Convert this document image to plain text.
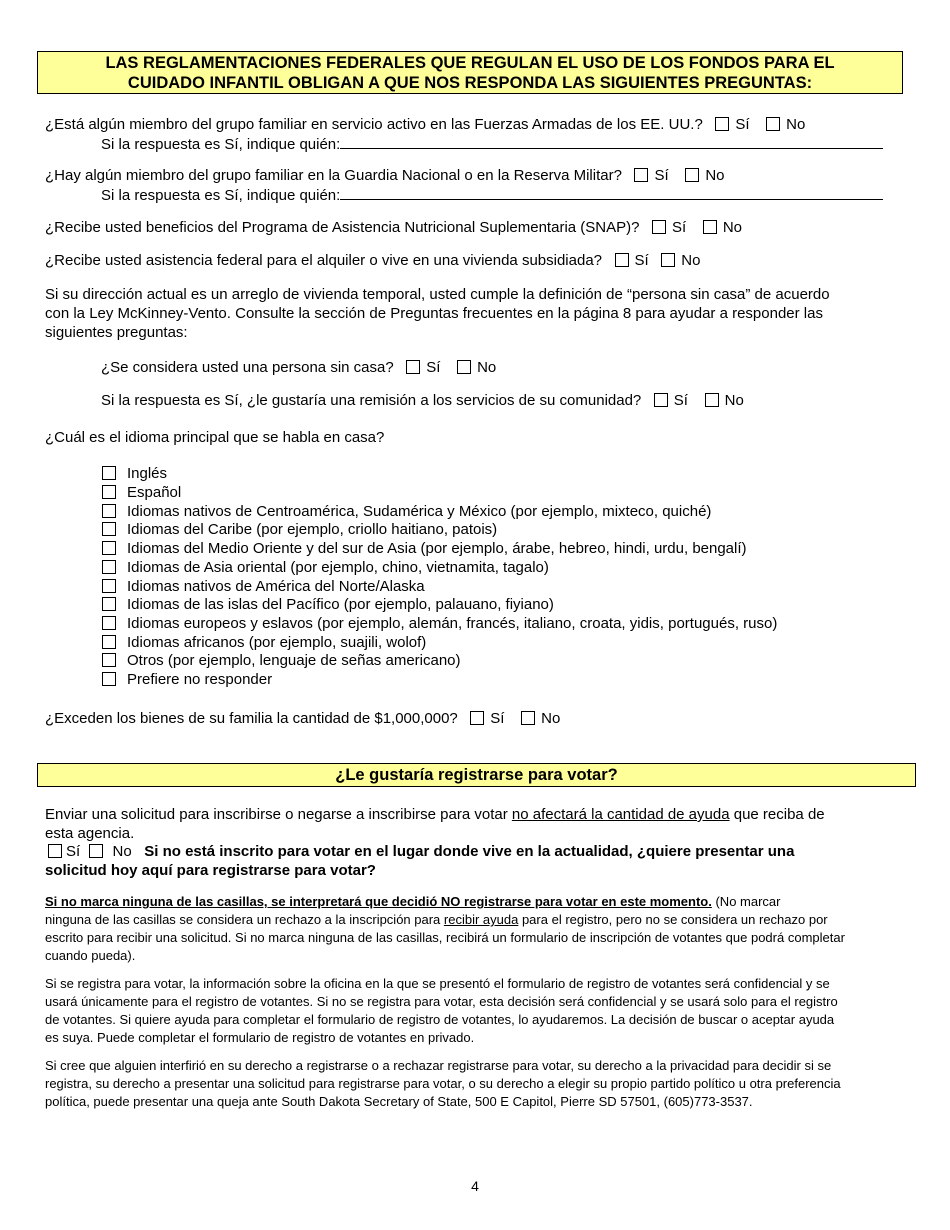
LAS REGLAMENTACIONES FEDERALES QUE REGULAN EL USO DE LOS FONDOS PARA EL
CUIDADO INFANTIL OBLIGAN A QUE NOS RESPONDA LAS SIGUIENTES PREGUNTAS:
¿Está algún miembro del grupo familiar en servicio activo en las Fuerzas Armadas de los EE. UU.? Sí No
Si la respuesta es Sí, indique quién:
¿Hay algún miembro del grupo familiar en la Guardia Nacional o en la Reserva Militar? Sí No
Si la respuesta es Sí, indique quién:
¿Recibe usted beneficios del Programa de Asistencia Nutricional Suplementaria (SNAP)? Sí No
¿Recibe usted asistencia federal para el alquiler o vive en una vivienda subsidiada? Sí No
Si su dirección actual es un arreglo de vivienda temporal, usted cumple la definición de “persona sin casa” de acuerdo
con la Ley McKinney-Vento. Consulte la sección de Preguntas frecuentes en la página 8 para ayudar a responder las
siguientes preguntas:
¿Se considera usted una persona sin casa? Sí No
Si la respuesta es Sí, ¿le gustaría una remisión a los servicios de su comunidad? Sí No
¿Cuál es el idioma principal que se habla en casa?
Inglés
Español
Idiomas nativos de Centroamérica, Sudamérica y México (por ejemplo, mixteco, quiché)
Idiomas del Caribe (por ejemplo, criollo haitiano, patois)
Idiomas del Medio Oriente y del sur de Asia (por ejemplo, árabe, hebreo, hindi, urdu, bengalí)
Idiomas de Asia oriental (por ejemplo, chino, vietnamita, tagalo)
Idiomas nativos de América del Norte/Alaska
Idiomas de las islas del Pacífico (por ejemplo, palauano, fiyiano)
Idiomas europeos y eslavos (por ejemplo, alemán, francés, italiano, croata, yidis, portugués, ruso)
Idiomas africanos (por ejemplo, suajili, wolof)
Otros (por ejemplo, lenguaje de señas americano)
Prefiere no responder
¿Exceden los bienes de su familia la cantidad de $1,000,000? Sí No
¿Le gustaría registrarse para votar?
Enviar una solicitud para inscribirse o negarse a inscribirse para votar no afectará la cantidad de ayuda que reciba de
esta agencia.
Sí No Si no está inscrito para votar en el lugar donde vive en la actualidad, ¿quiere presentar una
solicitud hoy aquí para registrarse para votar?
Si no marca ninguna de las casillas, se interpretará que decidió NO registrarse para votar en este momento. (No marcar
ninguna de las casillas se considera un rechazo a la inscripción para recibir ayuda para el registro, pero no se considera un rechazo por
escrito para recibir una solicitud. Si no marca ninguna de las casillas, recibirá un formulario de inscripción de votantes que podrá completar
cuando pueda).
Si se registra para votar, la información sobre la oficina en la que se presentó el formulario de registro de votantes será confidencial y se
usará únicamente para el registro de votantes. Si no se registra para votar, esta decisión será confidencial y se usará solo para el registro
de votantes. Si quiere ayuda para completar el formulario de registro de votantes, lo ayudaremos. La decisión de buscar o aceptar ayuda
es suya. Puede completar el formulario de registro de votantes en privado.
Si cree que alguien interfirió en su derecho a registrarse o a rechazar registrarse para votar, su derecho a la privacidad para decidir si se
registra, su derecho a presentar una solicitud para registrarse para votar, o su derecho a elegir su propio partido político u otra preferencia
política, puede presentar una queja ante South Dakota Secretary of State, 500 E Capitol, Pierre SD 57501, (605)773-3537.
4
